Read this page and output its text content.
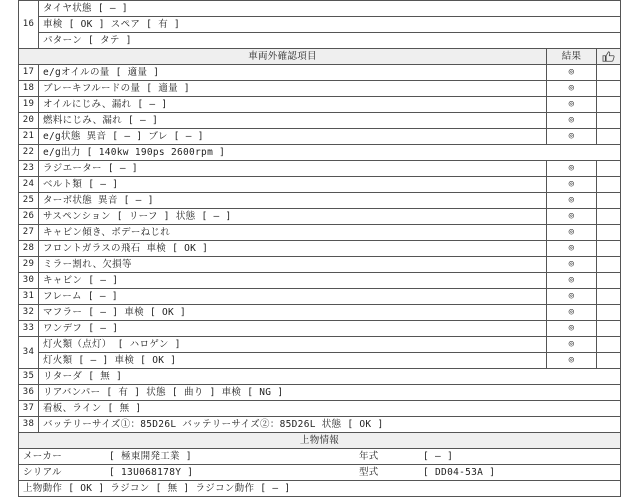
16	タイヤ状態 [ ― ]		
	車検 [ OK ] スペア [ 有 ]		
	パターン [ タテ ]		
車両外確認項目		結果	
17	e/gオイルの量 [ 適量 ]	◎	
18	ブレーキフルードの量 [ 適量 ]	◎	
19	オイルにじみ、漏れ [ ― ]	◎	
20	燃料にじみ、漏れ [ ― ]	◎	
21	e/g状態 異音 [ ― ] ブレ [ ― ]	◎	
22	e/g出力 [ 140kw 190ps 2600rpm ]		
23	ラジエーター [ ― ]	◎	
24	ベルト類 [ ― ]	◎	
25	ターボ状態 異音 [ ― ]	◎	
26	サスペンション [ リーフ ] 状態 [ ― ]	◎	
27	キャビン傾き、ボデーねじれ	◎	
28	フロントガラスの飛石 車検 [ OK ]	◎	
29	ミラー割れ、欠損等	◎	
30	キャビン [ ― ]	◎	
31	フレーム [ ― ]	◎	
32	マフラー [ ― ] 車検 [ OK ]	◎	
33	ワンデフ [ ― ]	◎	
34	灯火類（点灯） [ ハロゲン ]	◎	
	灯火類 [ ― ] 車検 [ OK ]	◎	
35	リターダ [ 無 ]		
36	リアバンパー [ 有 ] 状態 [ 曲り ] 車検 [ NG ]		
37	看板、ライン [ 無 ]		
38	バッテリーサイズ①：85D26L バッテリーサイズ②：85D26L 状態 [ OK ]		
上物情報			
メーカー [ 極東開発工業 ] 年式 [ ― ]			
シリアル [ 13U068178Y ] 型式 [ DD04-53A ]			
上物動作 [ OK ] ラジコン [ 無 ] ラジコン動作 [ ― ]			
